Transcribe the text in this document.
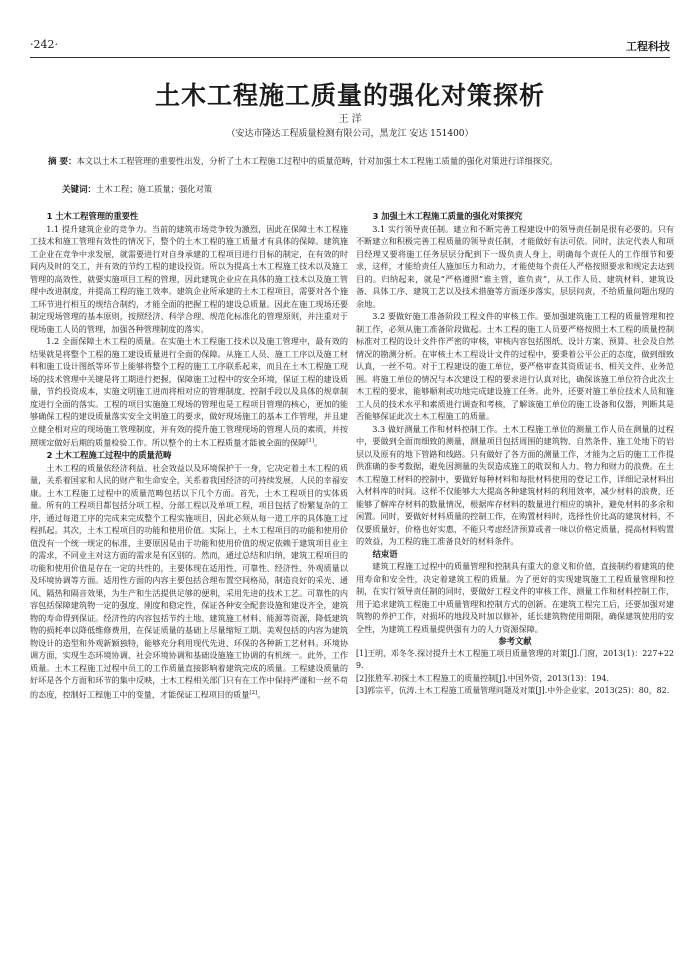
·242·	工程科技
土木工程施工质量的强化对策探析
王 洋
（安达市隆达工程质量检测有限公司，黑龙江 安达 151400）
摘 要：本文以土木工程管理的重要性出发，分析了土木工程施工过程中的质量范畴，针对加强土木工程施工质量的强化对策进行详细探究。
关键词：土木工程；施工质量；强化对策
1 土木工程管理的重要性

1.1 提升建筑企业的竞争力。当前的建筑市场竞争较为激烈，因此在保障土木工程施工技术和施工管理有效性的情况下，整个的土木工程的施工质量才有具体的保障。建筑施工企业在竞争中求发展，就需要进行对自身承建的工程项目进行目标的制定，在有效的时间内及时的交工，并有效的节约工程的建设投资。所以为提高土木工程施工技术以及施工管理的高效性，就要实施项目工程的管理，因此建筑企业应在具体的施工技术以及施工管理中改进制度，并提高工程的施工效率。建筑企业所承建的土木工程项目，需要对各个施工环节进行相互的规结合制约，才能全面的把握工程的建设总质量。因此在施工现场还要制定现场管理的基本原则，按照经济、科学合理、规范化标准化的管理原则，并注重对于现场施工人员的管理，加强各种管理制度的落实。

1.2 全面保障土木工程的质量。在实施土木工程施工技术以及施工管理中，最有效的结果就是将整个工程的施工建设质量进行全面的保障。从施工人员、施工工序以及施工材料和施工设计图纸等环节上能够将整个工程的施工工序联系起来，而且在土木工程施工现场的技术管理中关键是将工期进行把握，保障施工过程中的安全环境，保证工程的建设质量，节约投资成本，实施文明施工进而将相对应的管理制度、控制手段以及具体的规章制度进行全面的落实。工程的项目实施施工现场的管理也是工程项目管理的核心，更加的能够确保工程的建设质量落实安全文明施工的要求，做好现场施工的基本工作管理，并且建立健全相对应的现场施工管理制度，并有效的提升施工管理现场的管理人员的素质，并按照规定做好后期的质量检验工作。所以整个的土木工程质量才能被全面的保障[1]。

2 土木工程施工过程中的质量范畴

土木工程的质量依经济利益、社会效益以及环境保护于一身，它决定着土木工程的质量，关系着国家和人民的财产和生命安全，关系着我国经济的可持续发展，人民的幸福安康。土木工程施工过程中的质量范畴包括以下几个方面。首先，土木工程项目的实体质量。所有的工程项目都包括分项工程、分部工程以及单项工程，项目包括了纷繁复杂的工序，通过每道工序的完成来完成整个工程实施项目，因此必须从每一道工序的具体施工过程抓起。其次，土木工程项目的功能和使用价值。实际上，土木工程项目的功能和使用价值没有一个统一规定的标准，主要原因是由于功能和使用价值的规定依赖于建筑项目业主的需求，不同业主对这方面的需求是有区别的。然而，通过总结和归纳，建筑工程项目的功能和使用价值是存在一定的共性的，主要体现在适用性、可靠性、经济性、外观质量以及环境协调等方面。适用性方面的内容主要包括合理布置空间格局，制造良好的采光、通风、隔热和隔音效果，为生产和生活提供足够的便利，采用先进的技术工艺。可靠性的内容包括保障建筑物一定的强度、刚度和稳定性，保证各种安全配套设施和建设齐全，建筑物的寿命得到保证。经济性的内容包括节约土地、建筑施工材料、能源等资源，降低建筑物的损耗率以降低维修费用，在保证质量的基础上尽量缩短工期。美观包括的内容为建筑物设计的造型和外观新颖独特，能够充分利用现代先进、环保的各种新工艺材料。环境协调方面，实现生态环境协调、社会环境协调和基础设施施工协调的有机统一。此外，工作质量。土木工程施工过程中员工的工作质量直接影响着建筑完成的质量。工程建设质量的好坏是各个方面和环节的集中反映，土木工程相关部门只有在工作中保持严谨和一丝不苟的态度，控制好工程施工中的变量，才能保证工程项目的质量[2]。

3 加强土木工程施工质量的强化对策探究

3.1 实行领导责任制。建立和不断完善工程建设中的领导责任制是很有必要的。只有不断建立和积极完善工程质量的领导责任制，才能做好有法可依。同时，法定代表人和项目经理又要将施工任务层层分配到下一级负责人身上，明确每个责任人的工作细节和要求，这样，才能给责任人施加压力和动力，才能使每个责任人严格按照要求和规定去达到目的。归纳起来，就是“严格遵照”谁主管，谁负责”，从工作人员、建筑材料、建筑设备、具体工序、建筑工艺以及技术措施等方面逐步落实，层层问责，不给质量问题出现的余地。

3.2 要做好施工准备阶段工程文件的审核工作。要加强建筑施工工程的质量管理和控制工作，必须从施工准备阶段做起。土木工程的施工人员要严格按照土木工程的质量控制标准对工程的设计文件作严密的审核，审核内容包括图纸、设计方案、预算、社会及自然情况的勘测分析。在审核土木工程设计文件的过程中，要秉着公平公正的态度，做到细致认真，一丝不苟。对于工程建设的施工单位，要严格审查其资质证书、相关文件、业务范围。将施工单位的情况与本次建设工程的要求进行认真对比，确保该施工单位符合此次土木工程的要求，能够顺利或功地完成建设施工任务。此外，还要对施工单位技术人员和施工人员的技术水平和素质进行调查和考核，了解该施工单位的施工设备和仪器，判断其是否能够保证此次土木工程施工的质量。

3.3 做好测量工作和材料控制工作。土木工程施工单位的测量工作人员在测量的过程中，要做到全面而细致的测量，测量项目包括周围的建筑物、自然条件、施工处地下的岩层以及原有的地下管路和线路。只有做好了各方面的测量工作，才能为之后的施工工作提供准确的参考数据，避免因测量的失误造成施工的耽误和人力、物力和财力的浪费。在土木工程施工材料的控制中，要做好每种材料和每批材料使用的登记工作，详细记录材料出入材料库的时间。这样不仅能够大大提高各种建筑材料的利用效率，减少材料的浪费，还能够了解库存材料的数量情况，根据库存材料的数量进行相应的填补，避免材料的多余和闲置。同时，要做好材料质量的控制工作，在购置材料时，选择性价比高的建筑材料，不仅要质量好，价格也好实惠，不能只考虑经济预算或者一味以价格定质量，提高材料购置的效益，为工程的施工准备良好的材料条件。

结束语

建筑工程施工过程中的质量管理和控制具有重大的意义和价值，直接制约着建筑的使用寿命和安全性，决定着建筑工程的质量。为了更好的实现建筑施工工程质量管理和控制，在实行领导责任制的同时，要做好工程文件的审核工作、测量工作和材料控制工作，用于追求建筑工程施工中质量管理和控制方式的创新。在建筑工程完工后，还要加强对建筑物的养护工作，对损坏的地段及时加以修补，延长建筑物使用期限，确保建筑使用的安全性，为建筑工程质量提供强有力的人力资源保障。

参考文献

[1]王明，邓冬冬.探讨提升土木工程施工项目质量管理的对策[J].门窗，2013(1)：227+229.

[2]张胜军.初探土木工程施工的质量控制[J].中国外资，2013(13)：194.

[3]郭宗平，伉涛.土木工程施工质量管理问题及对策[J].中外企业家，2013(25)：80，82.
